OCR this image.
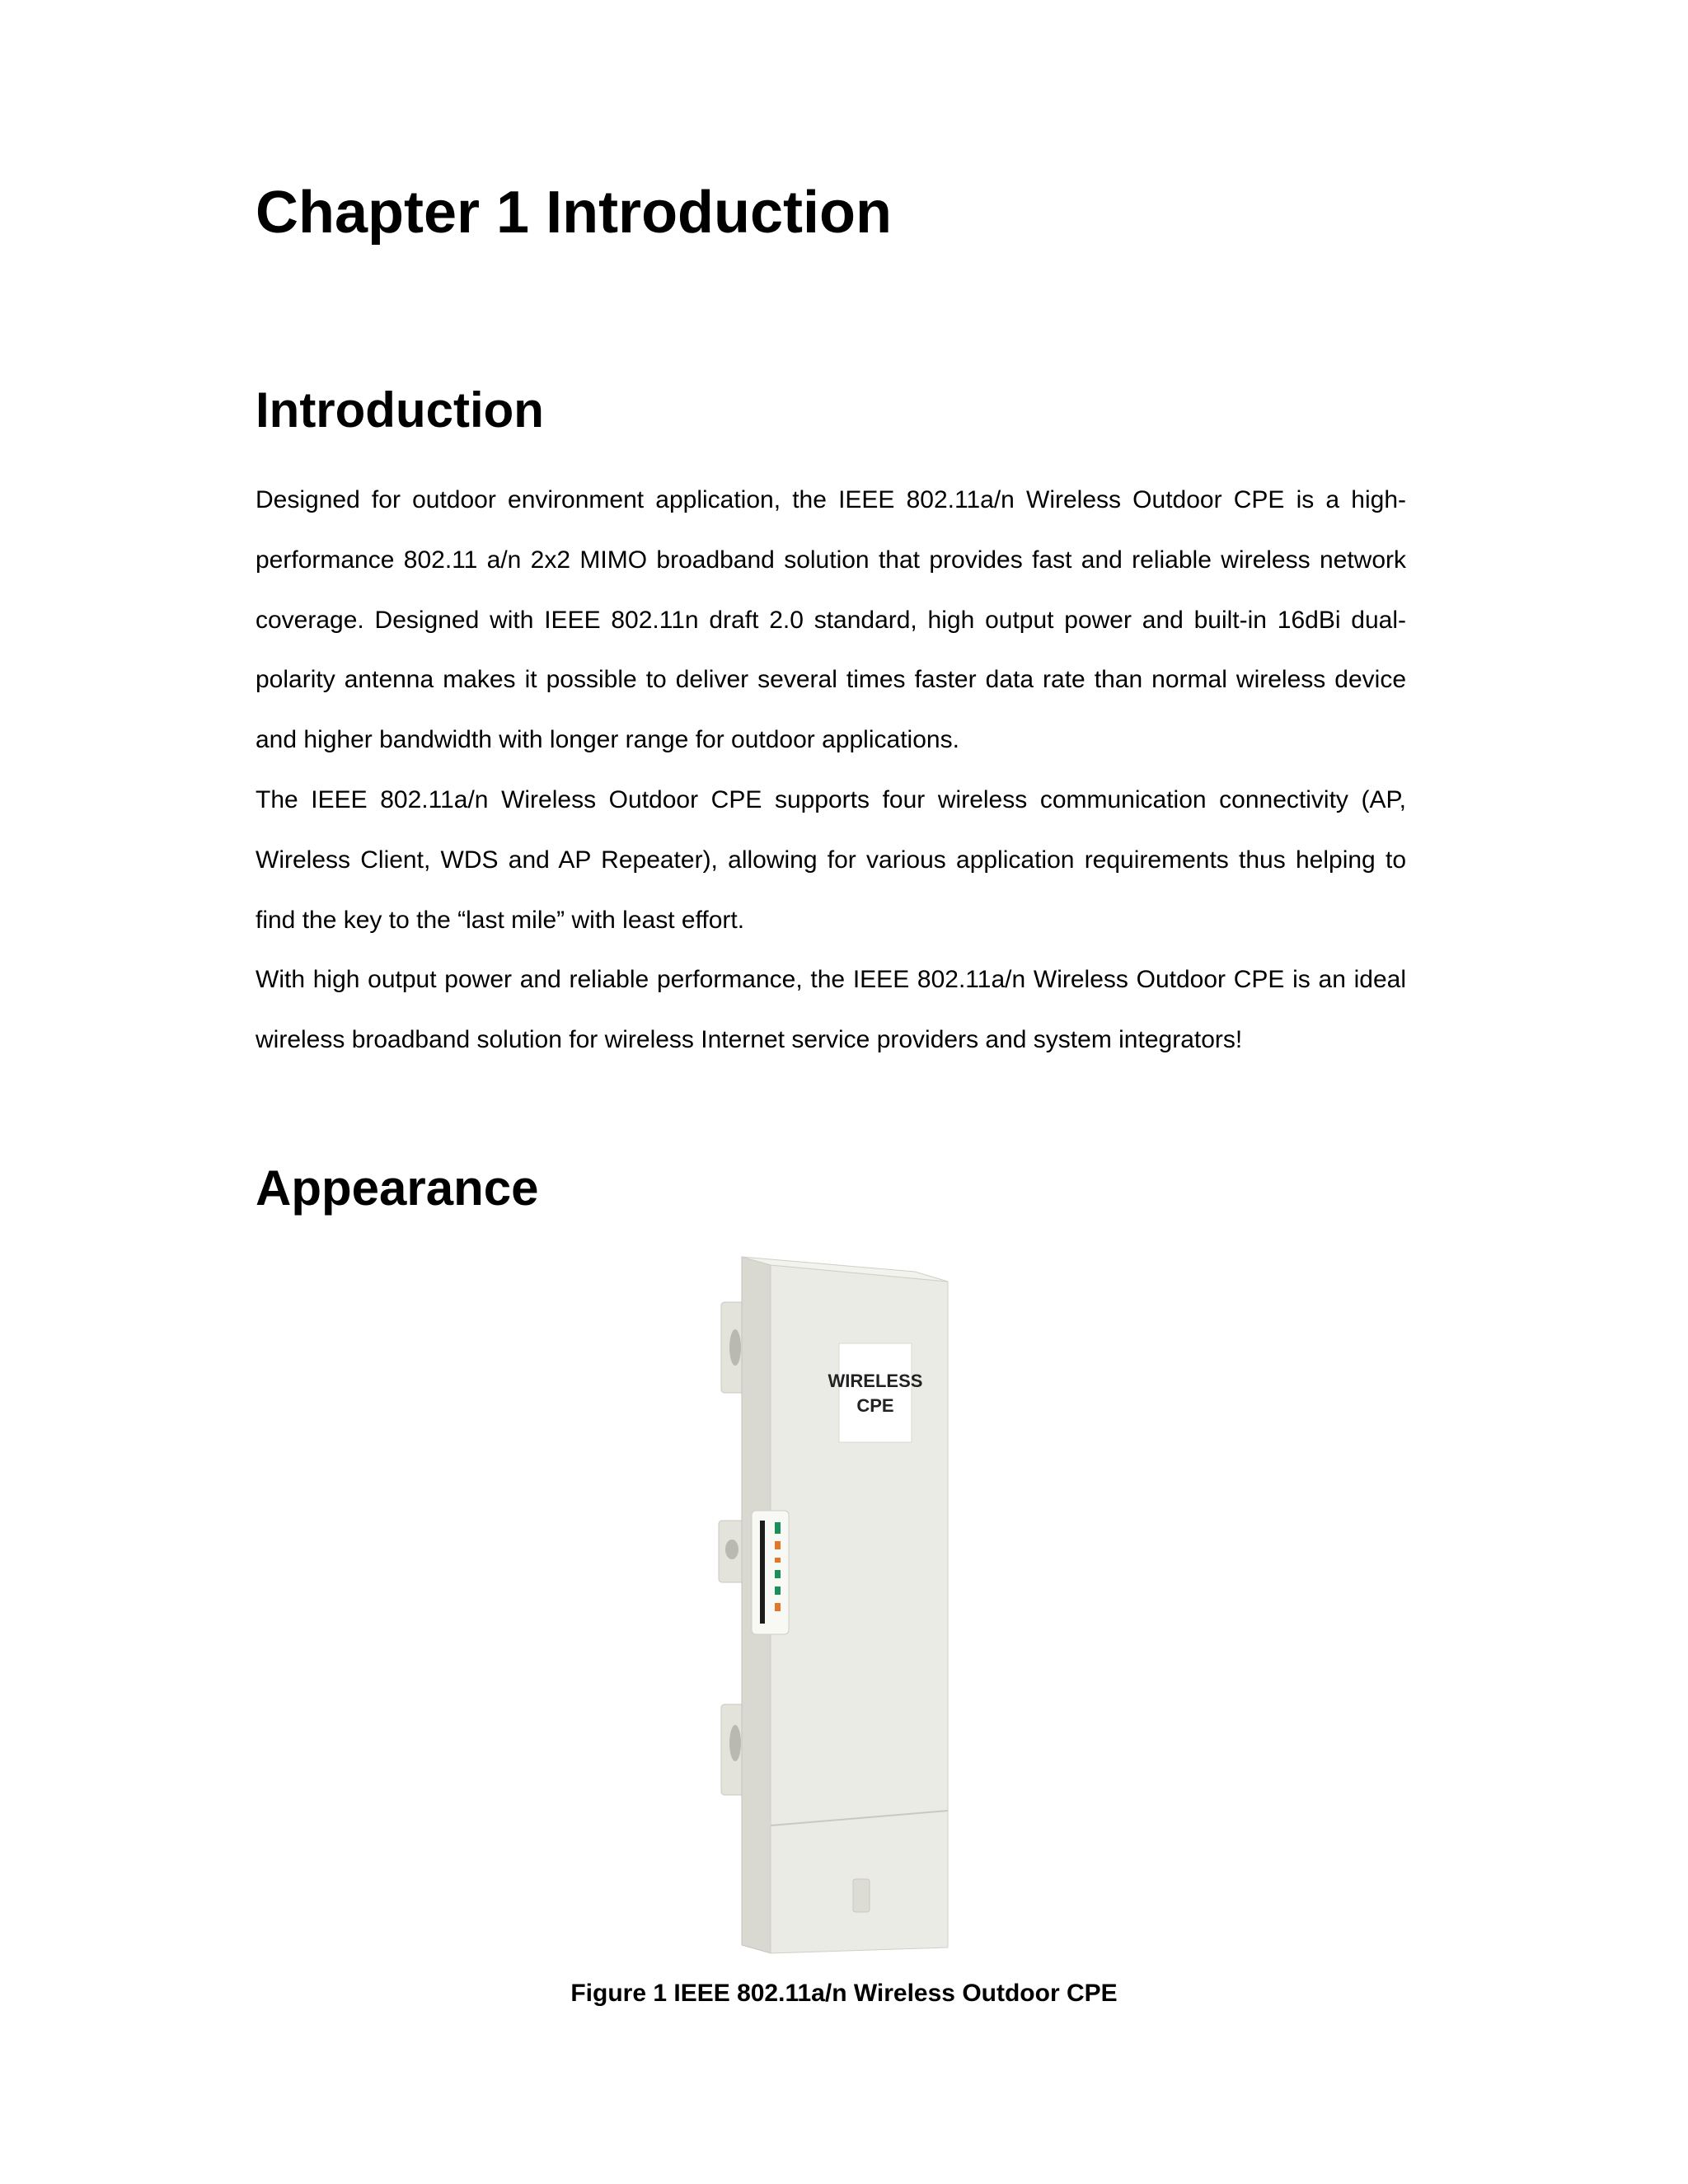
Chapter 1 Introduction
Introduction

Designed for outdoor environment application, the IEEE 802.11a/n Wireless Outdoor CPE is a high-performance 802.11 a/n 2x2 MIMO broadband solution that provides fast and reliable wireless network coverage. Designed with IEEE 802.11n draft 2.0 standard, high output power and built-in 16dBi dual-polarity antenna makes it possible to deliver several times faster data rate than normal wireless device and higher bandwidth with longer range for outdoor applications.

The IEEE 802.11a/n Wireless Outdoor CPE supports four wireless communication connectivity (AP, Wireless Client, WDS and AP Repeater), allowing for various application requirements thus helping to find the key to the “last mile” with least effort.

With high output power and reliable performance, the IEEE 802.11a/n Wireless Outdoor CPE is an ideal wireless broadband solution for wireless Internet service providers and system integrators!

Appearance
WIRELESS
CPE
Figure 1 IEEE 802.11a/n Wireless Outdoor CPE
